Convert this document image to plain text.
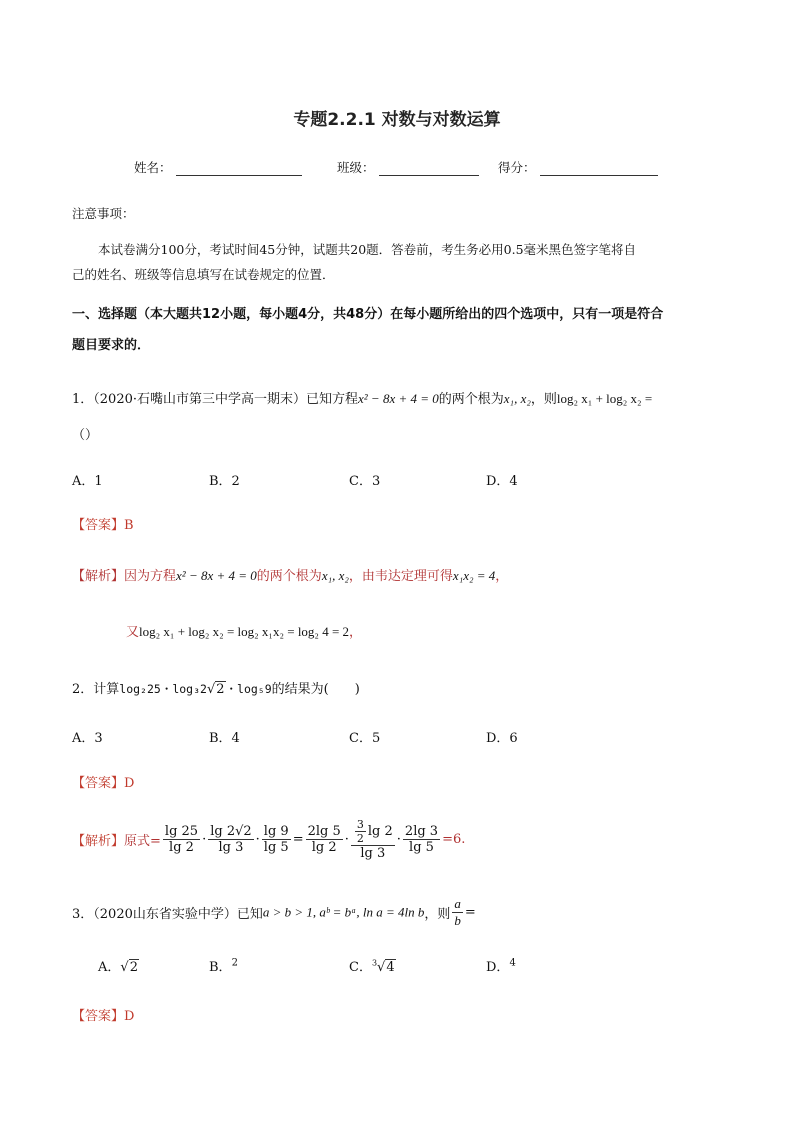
专题2.2.1 对数与对数运算
姓名：	班级：	得分：
注意事项：
本试卷满分100分，考试时间45分钟，试题共20题．答卷前，考生务必用0.5毫米黑色签字笔将自
己的姓名、班级等信息填写在试卷规定的位置．
一、选择题（本大题共12小题，每小题4分，共48分）在每小题所给出的四个选项中，只有一项是符合
题目要求的．
1．（2020·石嘴山市第三中学高一期末）已知方程x² − 8x + 4 = 0的两个根为x₁, x₂，则log₂ x₁ + log₂ x₂ =
（）
A．1	B．2	C．3	D．4
【答案】B
【解析】因为方程x² − 8x + 4 = 0的两个根为x₁, x₂，由韦达定理可得x₁x₂ = 4，
又log₂ x₁ + log₂ x₂ = log₂ x₁x₂ = log₂ 4 = 2，
2．计算log₂25・log₃2√2・log₅9的结果为(　　)
A．3	B．4	C．5	D．6
【答案】D
【解析】原式= $\frac{\lg 25}{\lg 2} \cdot \frac{\lg 2√2}{\lg 3} \cdot \frac{\lg 9}{\lg 5} = \frac{2\lg 5}{\lg 2} \cdot \frac{\frac{3}{2} \lg 2}{\lg 3} \cdot \frac{2\lg 3}{\lg 5} =6$.
3．（2020山东省实验中学）已知a > b > 1, aᵇ = bᵃ, ln a = 4ln b，则 $\frac{a}{b}$ =
A．√2	B．$^2$	C．$^3$√4	D．$^4$
【答案】D
